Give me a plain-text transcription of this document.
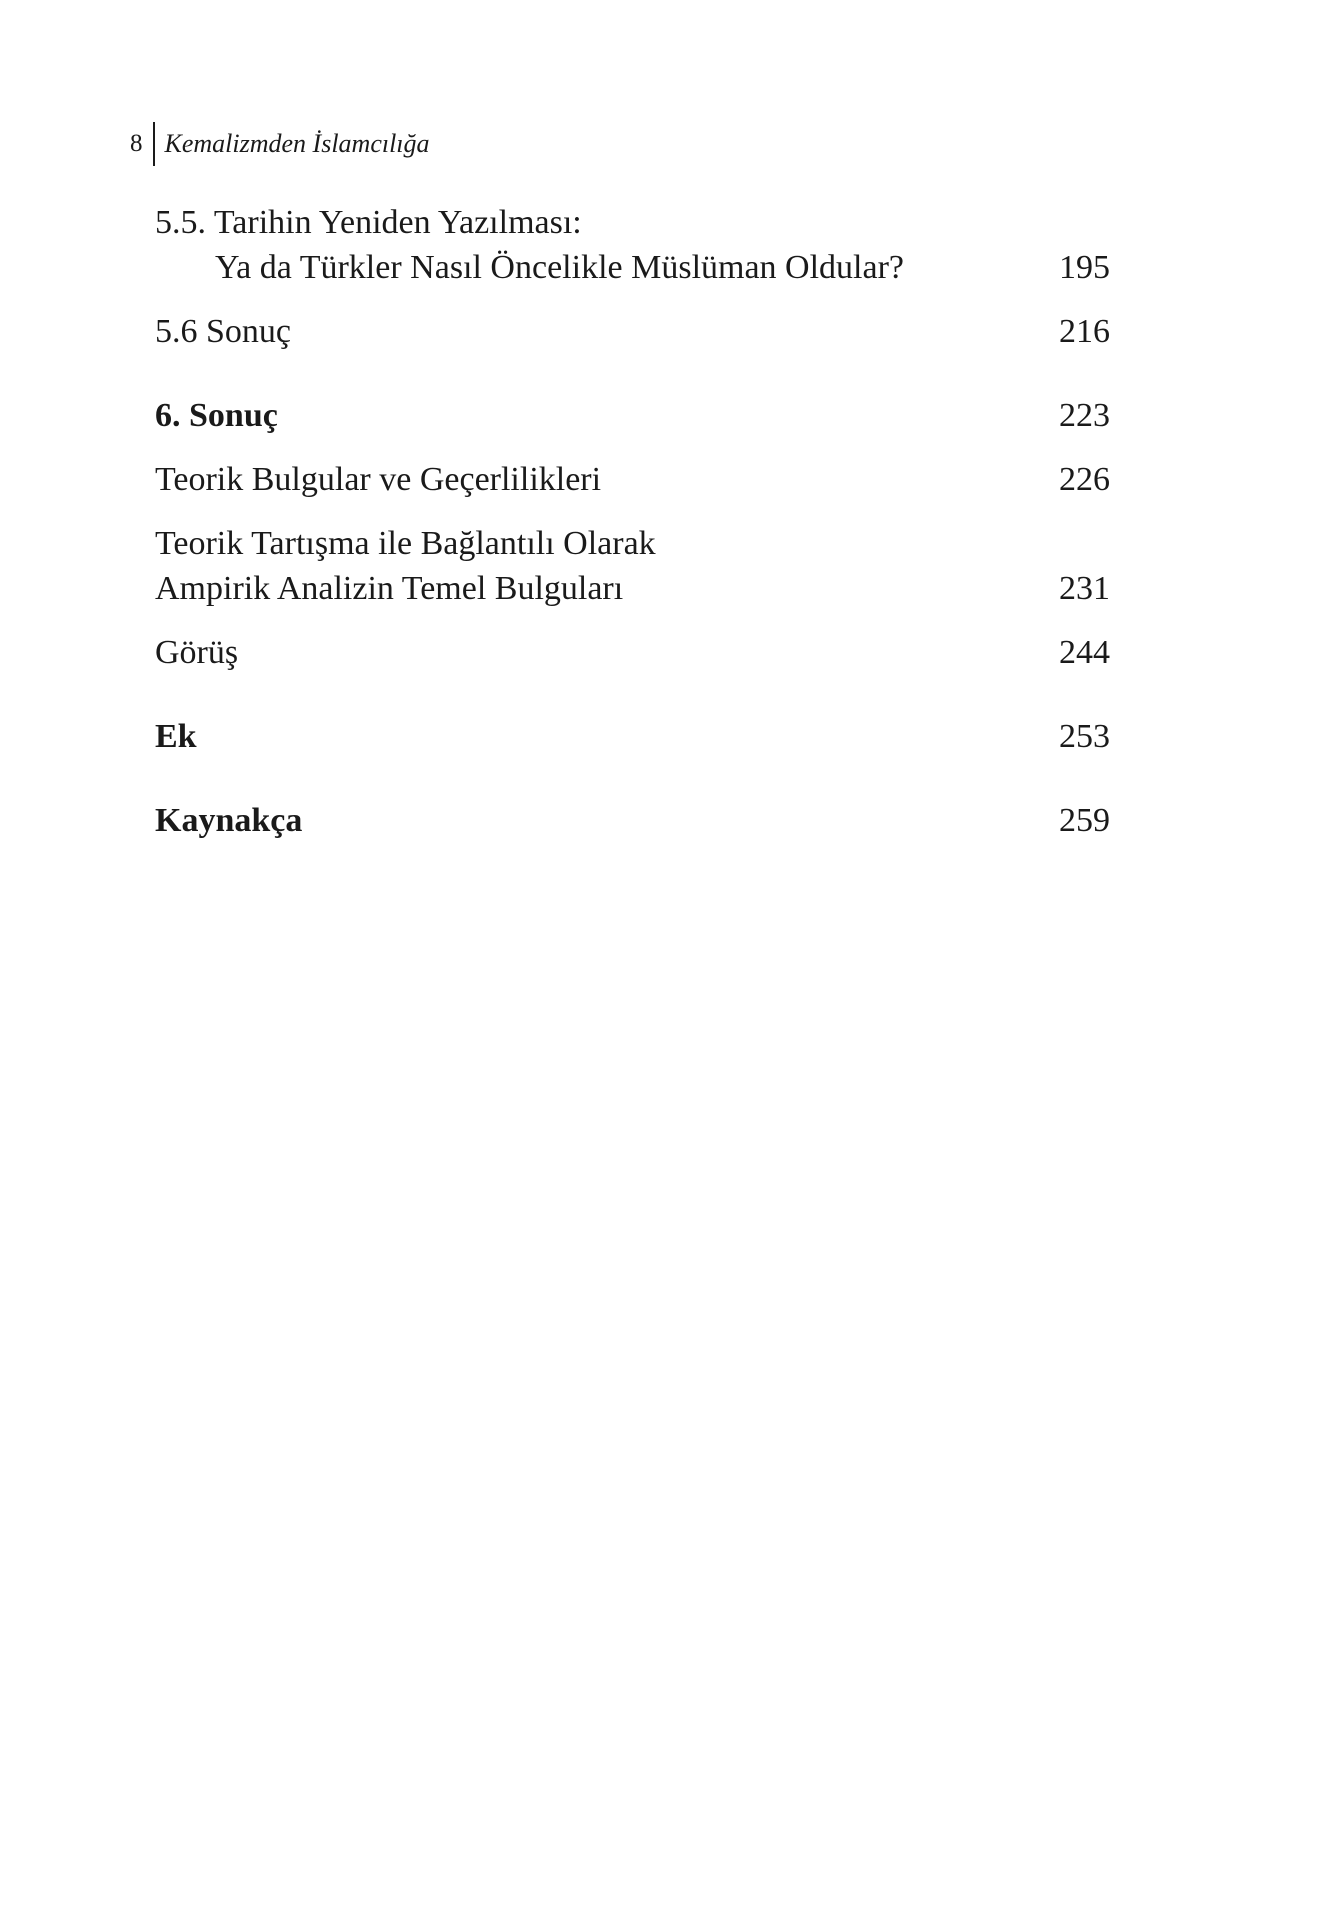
8 Kemalizmden İslamcılığa
5.5. Tarihin Yeniden Yazılması:
Ya da Türkler Nasıl Öncelikle Müslüman Oldular?	195
5.6 Sonuç	216
6. Sonuç	223
Teorik Bulgular ve Geçerlilikleri	226
Teorik Tartışma ile Bağlantılı Olarak
Ampirik Analizin Temel Bulguları	231
Görüş	244
Ek	253
Kaynakça	259
